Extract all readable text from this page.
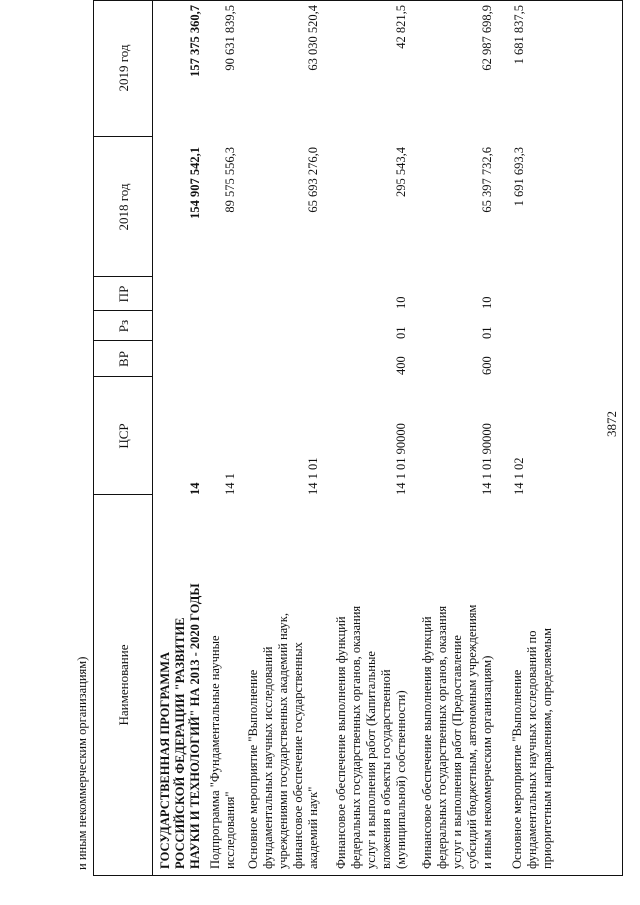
3872
Наименование
ЦСР
ВР
Рз
ПР
2018 год
2019 год
ГОСУДАРСТВЕННАЯ ПРОГРАММА РОССИЙСКОЙ ФЕДЕРАЦИИ "РАЗВИТИЕ НАУКИ И ТЕХНОЛОГИЙ" НА 2013 - 2020 ГОДЫ
14
154 907 542,1
157 375 360,7
Подпрограмма "Фундаментальные научные исследования"
14 1
89 575 556,3
90 631 839,5
Основное мероприятие "Выполнение фундаментальных научных исследований учреждениями государственных академий наук, финансовое обеспечение государственных академий наук"
14 1 01
65 693 276,0
63 030 520,4
Финансовое обеспечение выполнения функций федеральных государственных органов, оказания услуг и выполнения работ (Капитальные вложения в объекты государственной (муниципальной) собственности)
14 1 01 90000
400
01
10
295 543,4
42 821,5
Финансовое обеспечение выполнения функций федеральных государственных органов, оказания услуг и выполнения работ (Предоставление субсидий бюджетным, автономным учреждениям и иным некоммерческим организациям)
14 1 01 90000
600
01
10
65 397 732,6
62 987 698,9
Основное мероприятие "Выполнение фундаментальных научных исследований по приоритетным направлениям, определяемым
14 1 02
1 691 693,3
1 681 837,5
и иным некоммерческим организациям)
